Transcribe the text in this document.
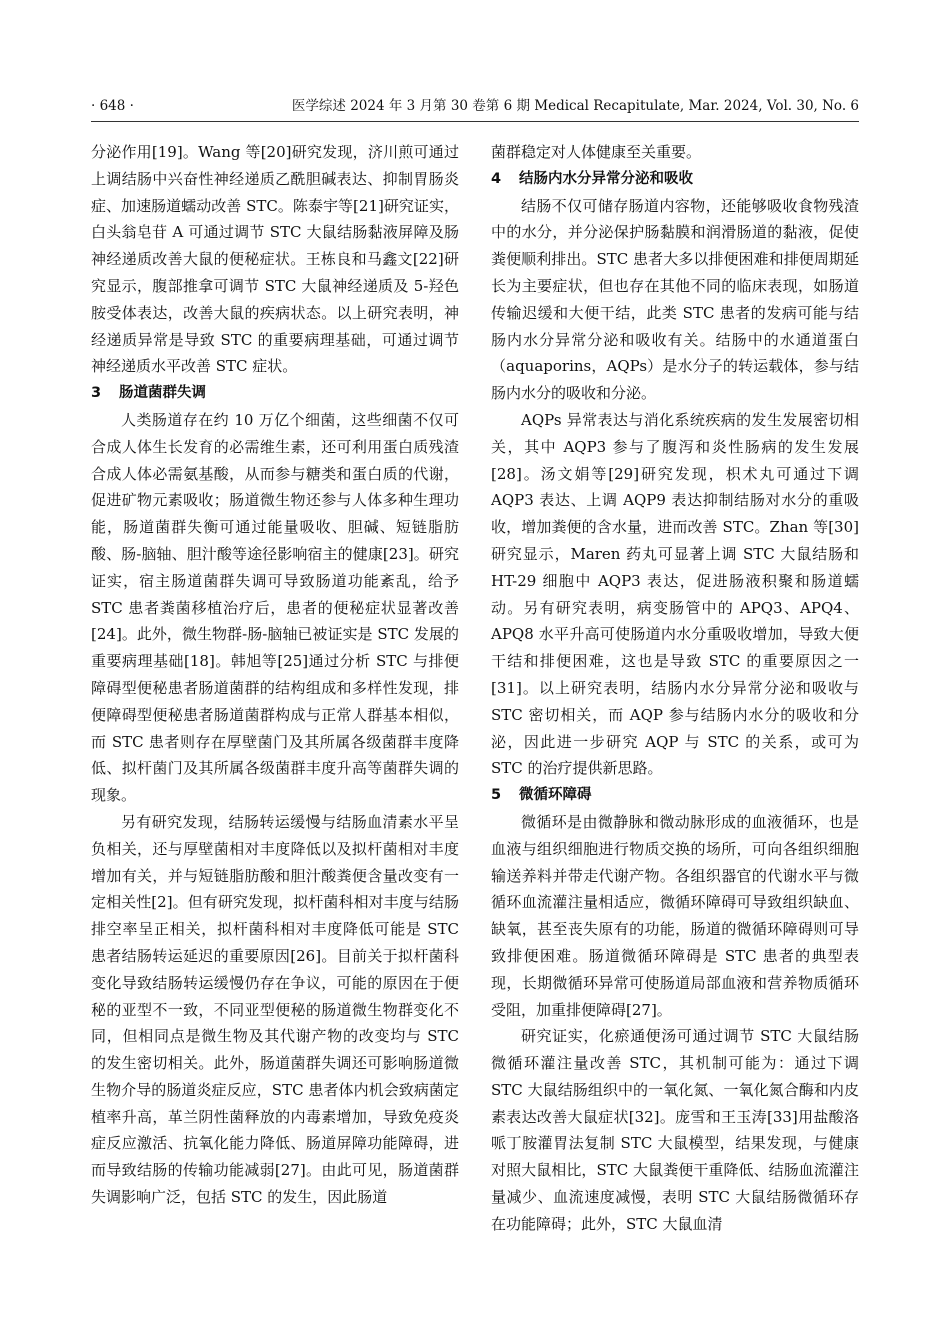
· 648 ·	医学综述 2024 年 3 月第 30 卷第 6 期 Medical Recapitulate, Mar. 2024, Vol. 30, No. 6

分泌作用[19]。Wang 等[20]研究发现，济川煎可通过上调结肠中兴奋性神经递质乙酰胆碱表达、抑制胃肠炎症、加速肠道蠕动改善 STC。陈泰宇等[21]研究证实，白头翁皂苷 A 可通过调节 STC 大鼠结肠黏液屏障及肠神经递质改善大鼠的便秘症状。王栋良和马鑫文[22]研究显示，腹部推拿可调节 STC 大鼠神经递质及 5-羟色胺受体表达，改善大鼠的疾病状态。以上研究表明，神经递质异常是导致 STC 的重要病理基础，可通过调节神经递质水平改善 STC 症状。

3 肠道菌群失调

人类肠道存在约 10 万亿个细菌，这些细菌不仅可合成人体生长发育的必需维生素，还可利用蛋白质残渣合成人体必需氨基酸，从而参与糖类和蛋白质的代谢，促进矿物元素吸收；肠道微生物还参与人体多种生理功能，肠道菌群失衡可通过能量吸收、胆碱、短链脂肪酸、肠-脑轴、胆汁酸等途径影响宿主的健康[23]。研究证实，宿主肠道菌群失调可导致肠道功能紊乱，给予 STC 患者粪菌移植治疗后，患者的便秘症状显著改善[24]。此外，微生物群-肠-脑轴已被证实是 STC 发展的重要病理基础[18]。韩旭等[25]通过分析 STC 与排便障碍型便秘患者肠道菌群的结构组成和多样性发现，排便障碍型便秘患者肠道菌群构成与正常人群基本相似，而 STC 患者则存在厚壁菌门及其所属各级菌群丰度降低、拟杆菌门及其所属各级菌群丰度升高等菌群失调的现象。

另有研究发现，结肠转运缓慢与结肠血清素水平呈负相关，还与厚壁菌相对丰度降低以及拟杆菌相对丰度增加有关，并与短链脂肪酸和胆汁酸粪便含量改变有一定相关性[2]。但有研究发现，拟杆菌科相对丰度与结肠排空率呈正相关，拟杆菌科相对丰度降低可能是 STC 患者结肠转运延迟的重要原因[26]。目前关于拟杆菌科变化导致结肠转运缓慢仍存在争议，可能的原因在于便秘的亚型不一致，不同亚型便秘的肠道微生物群变化不同，但相同点是微生物及其代谢产物的改变均与 STC 的发生密切相关。此外，肠道菌群失调还可影响肠道微生物介导的肠道炎症反应，STC 患者体内机会致病菌定植率升高，革兰阴性菌释放的内毒素增加，导致免疫炎症反应激活、抗氧化能力降低、肠道屏障功能障碍，进而导致结肠的传输功能减弱[27]。由此可见，肠道菌群失调影响广泛，包括 STC 的发生，因此肠道

菌群稳定对人体健康至关重要。

4 结肠内水分异常分泌和吸收

结肠不仅可储存肠道内容物，还能够吸收食物残渣中的水分，并分泌保护肠黏膜和润滑肠道的黏液，促使粪便顺利排出。STC 患者大多以排便困难和排便周期延长为主要症状，但也存在其他不同的临床表现，如肠道传输迟缓和大便干结，此类 STC 患者的发病可能与结肠内水分异常分泌和吸收有关。结肠中的水通道蛋白（aquaporins，AQPs）是水分子的转运载体，参与结肠内水分的吸收和分泌。

AQPs 异常表达与消化系统疾病的发生发展密切相关，其中 AQP3 参与了腹泻和炎性肠病的发生发展[28]。汤文娟等[29]研究发现，枳术丸可通过下调 AQP3 表达、上调 AQP9 表达抑制结肠对水分的重吸收，增加粪便的含水量，进而改善 STC。Zhan 等[30]研究显示，Maren 药丸可显著上调 STC 大鼠结肠和 HT-29 细胞中 AQP3 表达，促进肠液积聚和肠道蠕动。另有研究表明，病变肠管中的 APQ3、APQ4、APQ8 水平升高可使肠道内水分重吸收增加，导致大便干结和排便困难，这也是导致 STC 的重要原因之一[31]。以上研究表明，结肠内水分异常分泌和吸收与 STC 密切相关，而 AQP 参与结肠内水分的吸收和分泌，因此进一步研究 AQP 与 STC 的关系，或可为 STC 的治疗提供新思路。

5 微循环障碍

微循环是由微静脉和微动脉形成的血液循环，也是血液与组织细胞进行物质交换的场所，可向各组织细胞输送养料并带走代谢产物。各组织器官的代谢水平与微循环血流灌注量相适应，微循环障碍可导致组织缺血、缺氧，甚至丧失原有的功能，肠道的微循环障碍则可导致排便困难。肠道微循环障碍是 STC 患者的典型表现，长期微循环异常可使肠道局部血液和营养物质循环受阻，加重排便障碍[27]。

研究证实，化瘀通便汤可通过调节 STC 大鼠结肠微循环灌注量改善 STC，其机制可能为：通过下调 STC 大鼠结肠组织中的一氧化氮、一氧化氮合酶和内皮素表达改善大鼠症状[32]。庞雪和王玉涛[33]用盐酸洛哌丁胺灌胃法复制 STC 大鼠模型，结果发现，与健康对照大鼠相比，STC 大鼠粪便干重降低、结肠血流灌注量减少、血流速度减慢，表明 STC 大鼠结肠微循环存在功能障碍；此外，STC 大鼠血清
